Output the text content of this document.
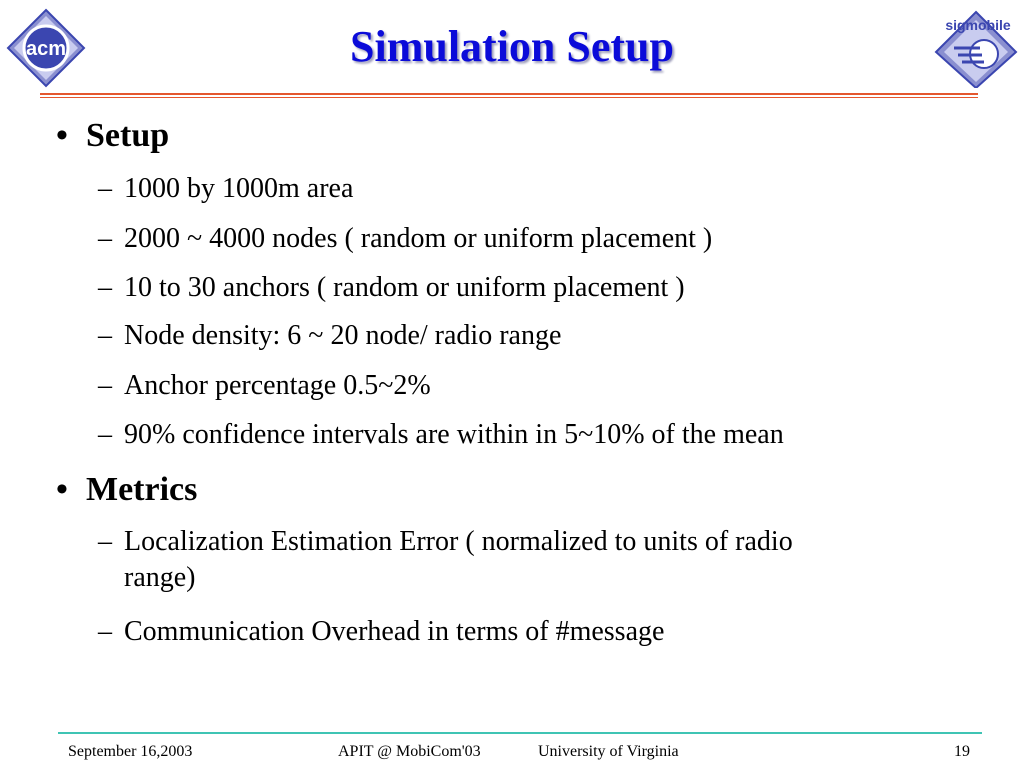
acm
sigmobile
Simulation Setup
• Setup
– 1000 by 1000m area
– 2000 ~ 4000 nodes ( random or uniform placement )
– 10 to 30 anchors ( random or uniform placement )
– Node density: 6 ~ 20 node/ radio range
– Anchor percentage 0.5~2%
– 90% confidence intervals are within in 5~10% of the mean
• Metrics
– Localization Estimation Error ( normalized to units of radio
range)
– Communication Overhead in terms of #message
September 16,2003	APIT @ MobiCom'03	University of Virginia	19
